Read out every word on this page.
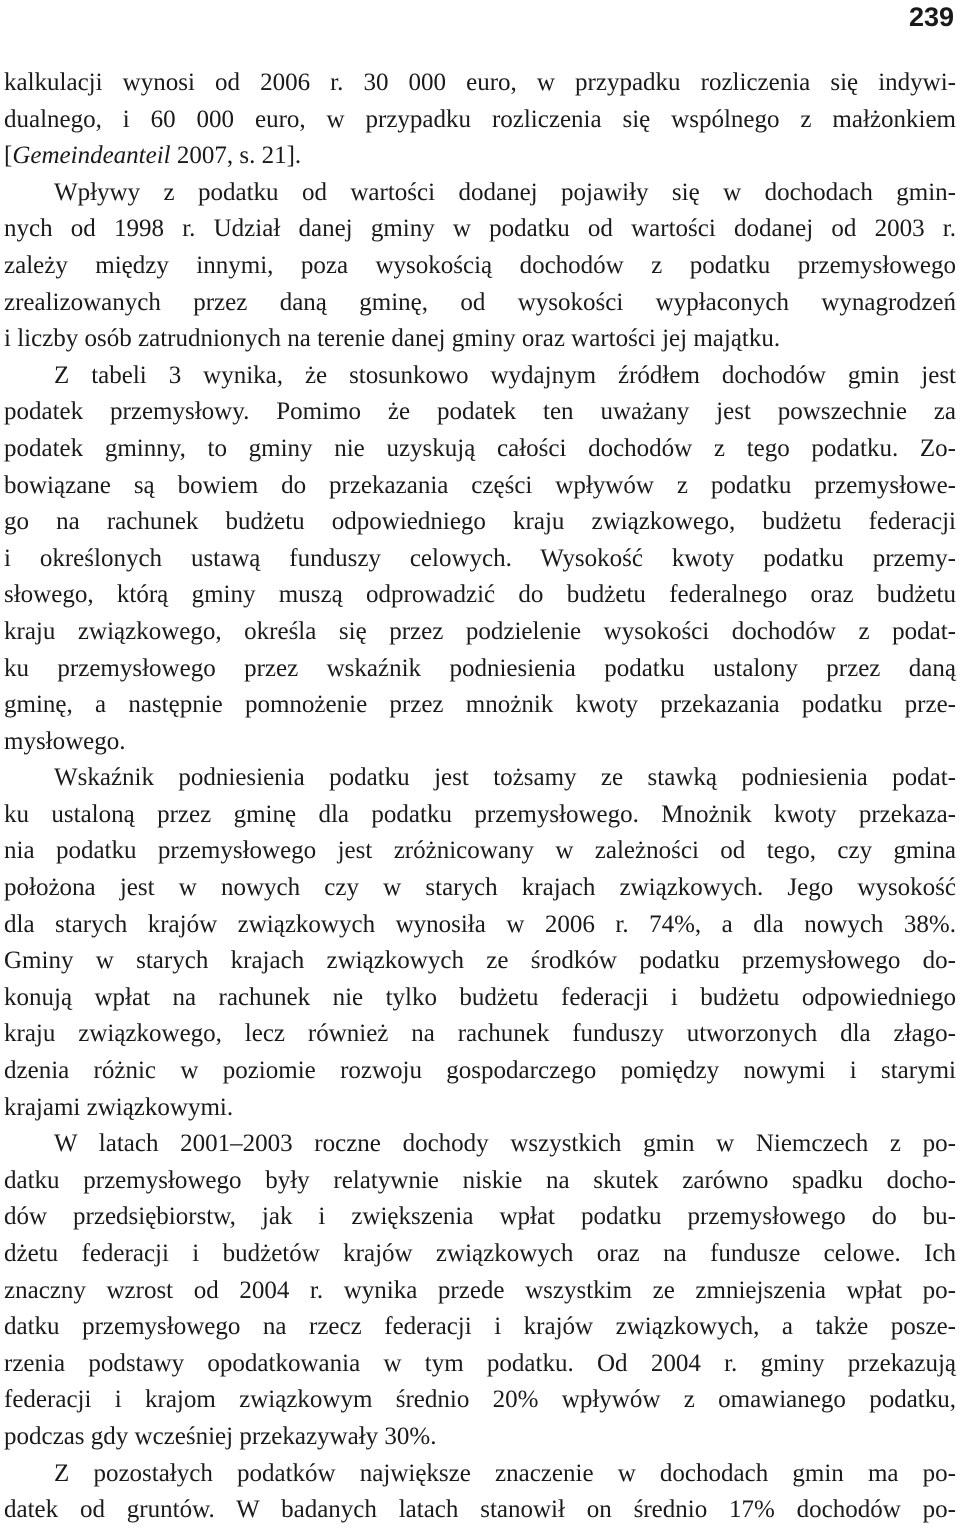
239
kalkulacji wynosi od 2006 r. 30 000 euro, w przypadku rozliczenia się indywi-
dualnego, i 60 000 euro, w przypadku rozliczenia się wspólnego z małżonkiem
[Gemeindeanteil 2007, s. 21].
Wpływy z podatku od wartości dodanej pojawiły się w dochodach gmin-
nych od 1998 r. Udział danej gminy w podatku od wartości dodanej od 2003 r.
zależy między innymi, poza wysokością dochodów z podatku przemysłowego
zrealizowanych przez daną gminę, od wysokości wypłaconych wynagrodzeń
i liczby osób zatrudnionych na terenie danej gminy oraz wartości jej majątku.
Z tabeli 3 wynika, że stosunkowo wydajnym źródłem dochodów gmin jest
podatek przemysłowy. Pomimo że podatek ten uważany jest powszechnie za
podatek gminny, to gminy nie uzyskują całości dochodów z tego podatku. Zo-
bowiązane są bowiem do przekazania części wpływów z podatku przemysłowe-
go na rachunek budżetu odpowiedniego kraju związkowego, budżetu federacji
i określonych ustawą funduszy celowych. Wysokość kwoty podatku przemy-
słowego, którą gminy muszą odprowadzić do budżetu federalnego oraz budżetu
kraju związkowego, określa się przez podzielenie wysokości dochodów z podat-
ku przemysłowego przez wskaźnik podniesienia podatku ustalony przez daną
gminę, a następnie pomnożenie przez mnożnik kwoty przekazania podatku prze-
mysłowego.
Wskaźnik podniesienia podatku jest tożsamy ze stawką podniesienia podat-
ku ustaloną przez gminę dla podatku przemysłowego. Mnożnik kwoty przekaza-
nia podatku przemysłowego jest zróżnicowany w zależności od tego, czy gmina
położona jest w nowych czy w starych krajach związkowych. Jego wysokość
dla starych krajów związkowych wynosiła w 2006 r. 74%, a dla nowych 38%.
Gminy w starych krajach związkowych ze środków podatku przemysłowego do-
konują wpłat na rachunek nie tylko budżetu federacji i budżetu odpowiedniego
kraju związkowego, lecz również na rachunek funduszy utworzonych dla złago-
dzenia różnic w poziomie rozwoju gospodarczego pomiędzy nowymi i starymi
krajami związkowymi.
W latach 2001–2003 roczne dochody wszystkich gmin w Niemczech z po-
datku przemysłowego były relatywnie niskie na skutek zarówno spadku docho-
dów przedsiębiorstw, jak i zwiększenia wpłat podatku przemysłowego do bu-
dżetu federacji i budżetów krajów związkowych oraz na fundusze celowe. Ich
znaczny wzrost od 2004 r. wynika przede wszystkim ze zmniejszenia wpłat po-
datku przemysłowego na rzecz federacji i krajów związkowych, a także posze-
rzenia podstawy opodatkowania w tym podatku. Od 2004 r. gminy przekazują
federacji i krajom związkowym średnio 20% wpływów z omawianego podatku,
podczas gdy wcześniej przekazywały 30%.
Z pozostałych podatków największe znaczenie w dochodach gmin ma po-
datek od gruntów. W badanych latach stanowił on średnio 17% dochodów po-
